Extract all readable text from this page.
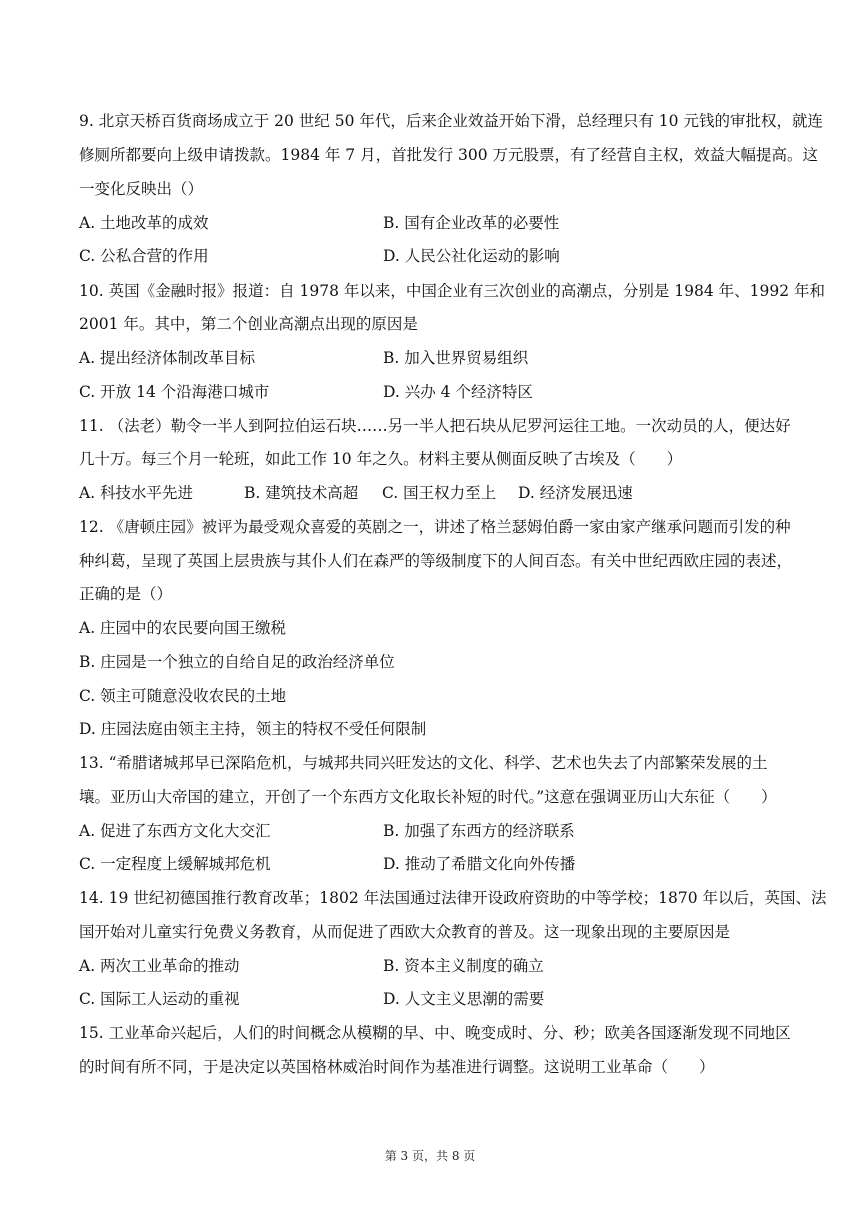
9. 北京天桥百货商场成立于 20 世纪 50 年代，后来企业效益开始下滑，总经理只有 10 元钱的审批权，就连
修厕所都要向上级申请拨款。1984 年 7 月，首批发行 300 万元股票，有了经营自主权，效益大幅提高。这
一变化反映出（）
A. 土地改革的成效	B. 国有企业改革的必要性
C. 公私合营的作用	D. 人民公社化运动的影响
10. 英国《金融时报》报道：自 1978 年以来，中国企业有三次创业的高潮点，分别是 1984 年、1992 年和
2001 年。其中，第二个创业高潮点出现的原因是
A. 提出经济体制改革目标	B. 加入世界贸易组织
C. 开放 14 个沿海港口城市	D. 兴办 4 个经济特区
11. （法老）勒令一半人到阿拉伯运石块……另一半人把石块从尼罗河运往工地。一次动员的人，便达好
几十万。每三个月一轮班，如此工作 10 年之久。材料主要从侧面反映了古埃及（　　）
A. 科技水平先进	B. 建筑技术高超 C. 国王权力至上 D. 经济发展迅速
12. 《唐顿庄园》被评为最受观众喜爱的英剧之一，讲述了格兰瑟姆伯爵一家由家产继承问题而引发的种
种纠葛，呈现了英国上层贵族与其仆人们在森严的等级制度下的人间百态。有关中世纪西欧庄园的表述，
正确的是（）
A. 庄园中的农民要向国王缴税
B. 庄园是一个独立的自给自足的政治经济单位
C. 领主可随意没收农民的土地
D. 庄园法庭由领主主持，领主的特权不受任何限制
13. “希腊诸城邦早已深陷危机，与城邦共同兴旺发达的文化、科学、艺术也失去了内部繁荣发展的土
壤。亚历山大帝国的建立，开创了一个东西方文化取长补短的时代。”这意在强调亚历山大东征（　　）
A. 促进了东西方文化大交汇	B. 加强了东西方的经济联系
C. 一定程度上缓解城邦危机	D. 推动了希腊文化向外传播
14. 19 世纪初德国推行教育改革；1802 年法国通过法律开设政府资助的中等学校；1870 年以后，英国、法
国开始对儿童实行免费义务教育，从而促进了西欧大众教育的普及。这一现象出现的主要原因是
A. 两次工业革命的推动	B. 资本主义制度的确立
C. 国际工人运动的重视	D. 人文主义思潮的需要
15. 工业革命兴起后，人们的时间概念从模糊的早、中、晚变成时、分、秒；欧美各国逐渐发现不同地区
的时间有所不同，于是决定以英国格林威治时间作为基准进行调整。这说明工业革命（　　）
第 3 页，共 8 页
